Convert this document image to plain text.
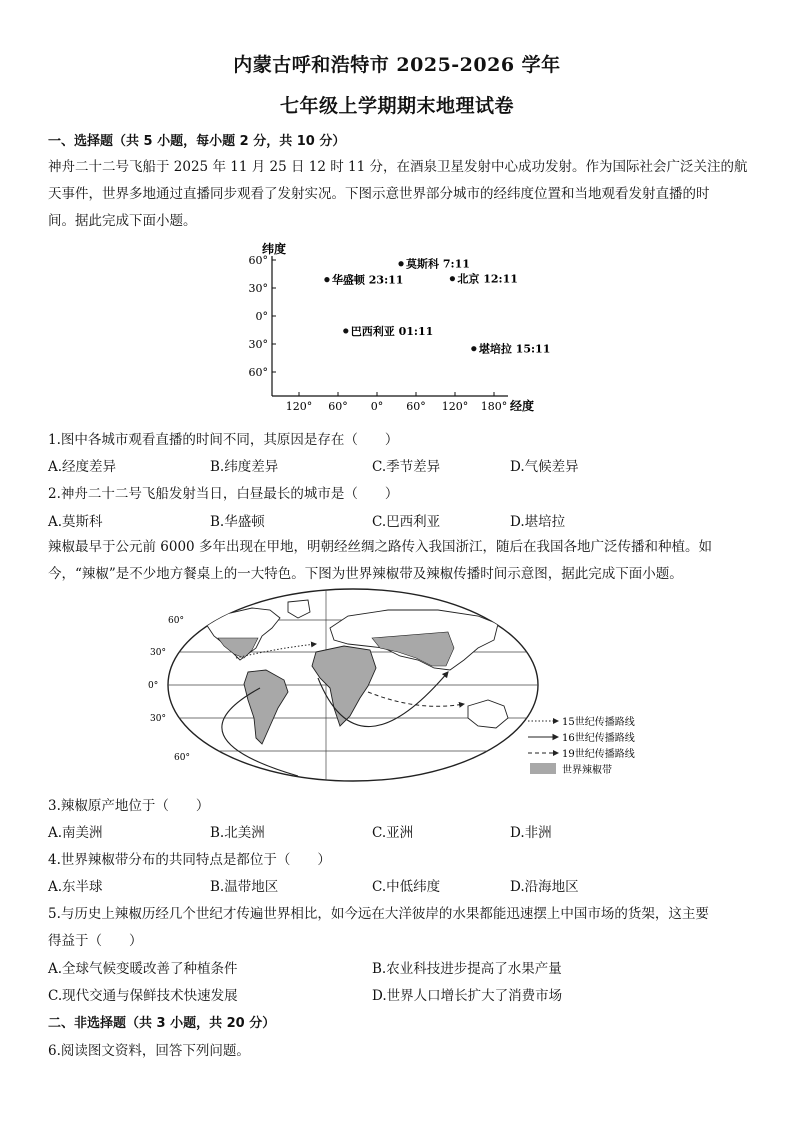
内蒙古呼和浩特市 2025-2026 学年
七年级上学期期末地理试卷
一、选择题（共 5 小题，每小题 2 分，共 10 分）
神舟二十二号飞船于 2025 年 11 月 25 日 12 时 11 分，在酒泉卫星发射中心成功发射。作为国际社会广泛关注的航
天事件，世界多地通过直播同步观看了发射实况。下图示意世界部分城市的经纬度位置和当地观看发射直播的时
间。据此完成下面小题。
纬度
经度
60°
30°
0°
30°
60°
120° 60° 0° 60° 120° 180°
莫斯科 7:11
华盛顿 23:11	北京 12:11
巴西利亚 01:11
堪培拉 15:11
1.图中各城市观看直播的时间不同，其原因是存在（　　）
A.经度差异	B.纬度差异	C.季节差异	D.气候差异
2.神舟二十二号飞船发射当日，白昼最长的城市是（　　）
A.莫斯科	B.华盛顿	C.巴西利亚	D.堪培拉
辣椒最早于公元前 6000 多年出现在甲地，明朝经丝绸之路传入我国浙江，随后在我国各地广泛传播和种植。如
今，“辣椒”是不少地方餐桌上的一大特色。下图为世界辣椒带及辣椒传播时间示意图，据此完成下面小题。
60°
30°
0°
30°
60°
15世纪传播路线
16世纪传播路线
19世纪传播路线
世界辣椒带
3.辣椒原产地位于（　　）
A.南美洲	B.北美洲	C.亚洲	D.非洲
4.世界辣椒带分布的共同特点是都位于（　　）
A.东半球	B.温带地区	C.中低纬度	D.沿海地区
5.与历史上辣椒历经几个世纪才传遍世界相比，如今远在大洋彼岸的水果都能迅速摆上中国市场的货架，这主要
得益于（　　）
A.全球气候变暖改善了种植条件	B.农业科技进步提高了水果产量
C.现代交通与保鲜技术快速发展	D.世界人口增长扩大了消费市场
二、非选择题（共 3 小题，共 20 分）
6.阅读图文资料，回答下列问题。
